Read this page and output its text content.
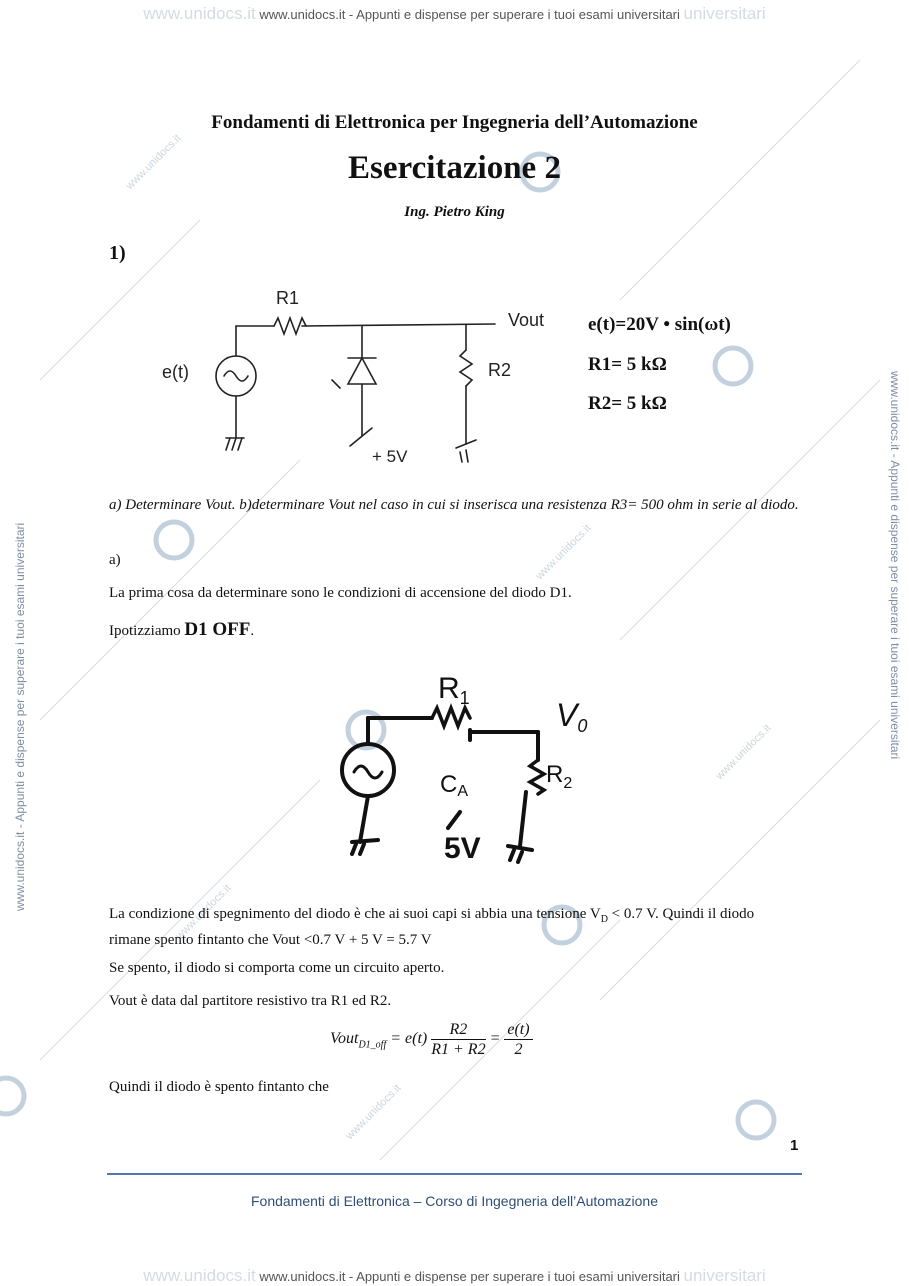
www.unidocs.it www.unidocs.it - Appunti e dispense per superare i tuoi esami universitari universitari
www.unidocs.it www.unidocs.it - Appunti e dispense per superare i tuoi esami universitari universitari
www.unidocs.it - Appunti e dispense per superare i tuoi esami universitari	www.unidocs.it - Appunti e dispense per superare i tuoi esami universitari
www.unidocs.it
www.unidocs.it
www.unidocs.it
www.unidocs.it
www.unidocs.it
Fondamenti di Elettronica per Ingegneria dell’Automazione
Esercitazione 2
Ing. Pietro King
1)
R1
Vout
e(t)	R2
+ 5V
e(t)=20V • sin(ωt)
R1= 5 kΩ
R2= 5 kΩ
a) Determinare Vout. b)determinare Vout nel caso in cui si inserisca una resistenza R3= 500 ohm in serie al diodo.
a)
La prima cosa da determinare sono le condizioni di accensione del diodo D1.
Ipotizziamo D1 OFF.
$R_1$	V0
CA
$R_2$
5V
La condizione di spegnimento del diodo è che ai suoi capi si abbia una tensione $V_D < 0.7$ V. Quindi il diodo rimane spento fintanto che Vout <0.7 V + 5 V = 5.7 V
Se spento, il diodo si comporta come un circuito aperto.
Vout è data dal partitore resistivo tra R1 ed R2.
Vout$_{D1\_off}$ = $e(t) \frac{R2}{R1 + R2} = \frac{e(t)}{2}$
Quindi il diodo è spento fintanto che
1
Fondamenti di Elettronica – Corso di Ingegneria dell’Automazione
